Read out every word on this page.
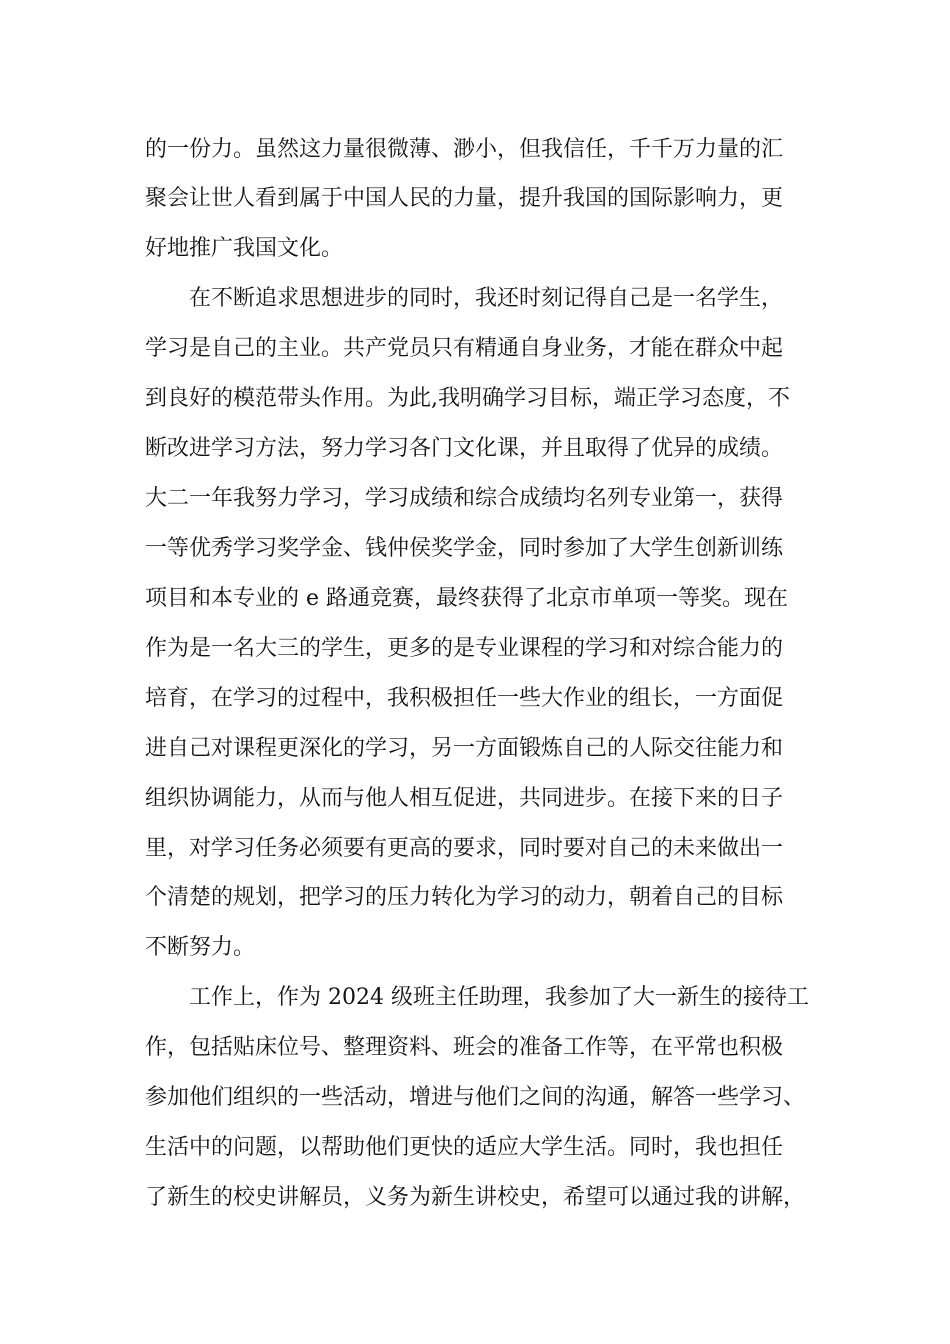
的一份力。虽然这力量很微薄、渺小，但我信任，千千万力量的汇
聚会让世人看到属于中国人民的力量，提升我国的国际影响力，更
好地推广我国文化。
在不断追求思想进步的同时，我还时刻记得自己是一名学生，
学习是自己的主业。共产党员只有精通自身业务，才能在群众中起
到良好的模范带头作用。为此,我明确学习目标，端正学习态度，不
断改进学习方法，努力学习各门文化课，并且取得了优异的成绩。
大二一年我努力学习，学习成绩和综合成绩均名列专业第一，获得
一等优秀学习奖学金、钱仲侯奖学金，同时参加了大学生创新训练
项目和本专业的 e 路通竞赛，最终获得了北京市单项一等奖。现在
作为是一名大三的学生，更多的是专业课程的学习和对综合能力的
培育，在学习的过程中，我积极担任一些大作业的组长，一方面促
进自己对课程更深化的学习，另一方面锻炼自己的人际交往能力和
组织协调能力，从而与他人相互促进，共同进步。在接下来的日子
里，对学习任务必须要有更高的要求，同时要对自己的未来做出一
个清楚的规划，把学习的压力转化为学习的动力，朝着自己的目标
不断努力。
工作上，作为 2024 级班主任助理，我参加了大一新生的接待工
作，包括贴床位号、整理资料、班会的准备工作等，在平常也积极
参加他们组织的一些活动，增进与他们之间的沟通，解答一些学习、
生活中的问题，以帮助他们更快的适应大学生活。同时，我也担任
了新生的校史讲解员，义务为新生讲校史，希望可以通过我的讲解，
